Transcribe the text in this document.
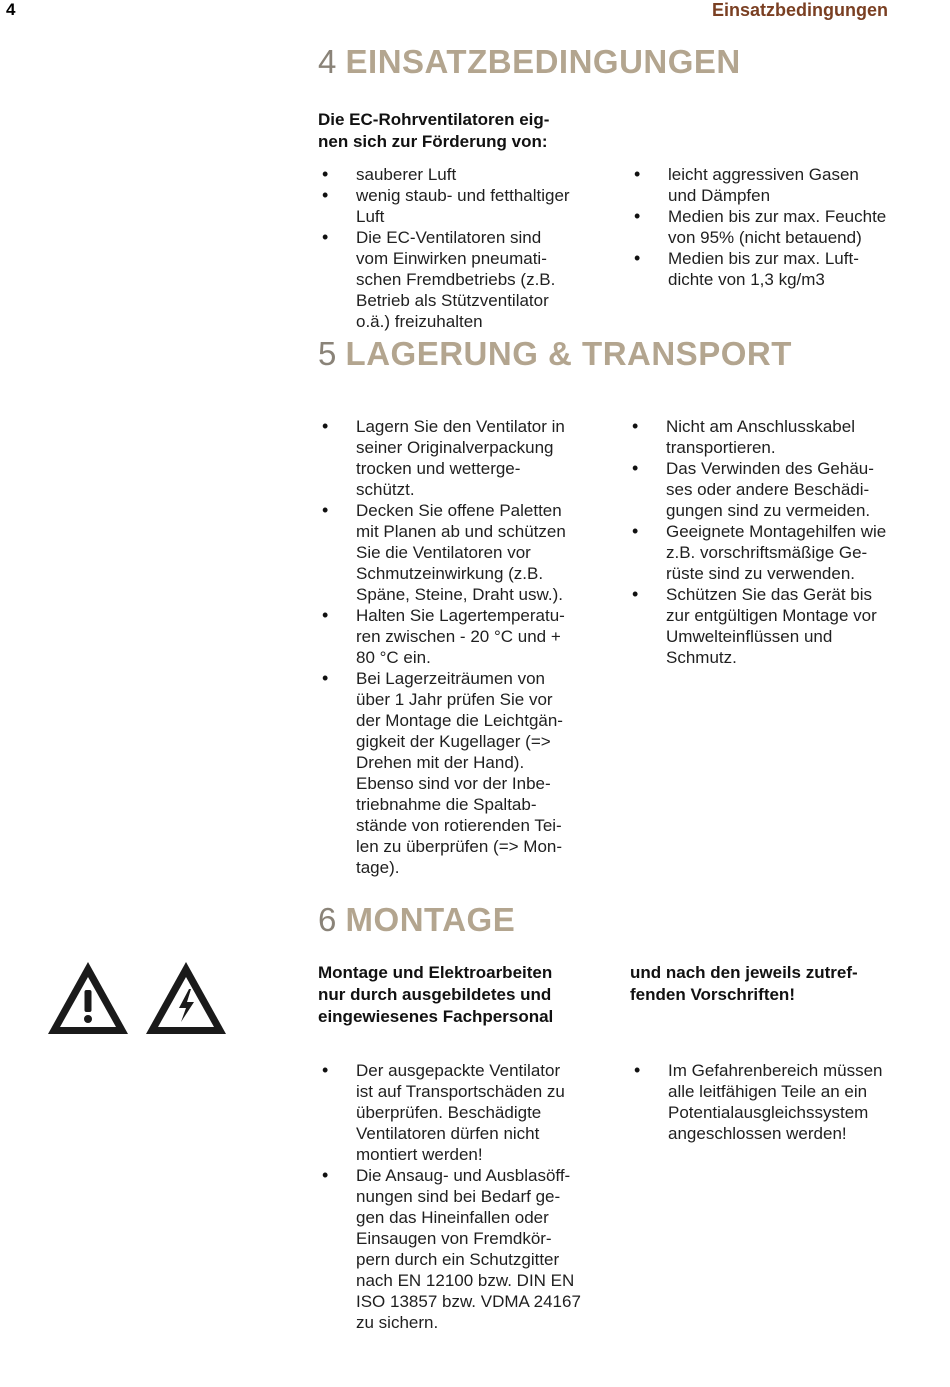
4	Einsatzbedingungen
4 EINSATZBEDINGUNGEN
Die EC-Rohrventilatoren eig-
nen sich zur Förderung von:
• sauberer Luft
• wenig staub- und fetthaltiger
Luft
• Die EC-Ventilatoren sind
vom Einwirken pneumati-
schen Fremdbetriebs (z.B.
Betrieb als Stützventilator
o.ä.) freizuhalten
• leicht aggressiven Gasen
und Dämpfen
• Medien bis zur max. Feuchte
von 95% (nicht betauend)
• Medien bis zur max. Luft-
dichte von 1,3 kg/m3
5 LAGERUNG & TRANSPORT
• Lagern Sie den Ventilator in
seiner Originalverpackung
trocken und wetterge-
schützt.
• Decken Sie offene Paletten
mit Planen ab und schützen
Sie die Ventilatoren vor
Schmutzeinwirkung (z.B.
Späne, Steine, Draht usw.).
• Halten Sie Lagertemperatu-
ren zwischen - 20 °C und +
80 °C ein.
• Bei Lagerzeiträumen von
über 1 Jahr prüfen Sie vor
der Montage die Leichtgän-
gigkeit der Kugellager (=>
Drehen mit der Hand).
Ebenso sind vor der Inbe-
triebnahme die Spaltab-
stände von rotierenden Tei-
len zu überprüfen (=> Mon-
tage).
• Nicht am Anschlusskabel
transportieren.
• Das Verwinden des Gehäu-
ses oder andere Beschädi-
gungen sind zu vermeiden.
• Geeignete Montagehilfen wie
z.B. vorschriftsmäßige Ge-
rüste sind zu verwenden.
• Schützen Sie das Gerät bis
zur entgültigen Montage vor
Umwelteinflüssen und
Schmutz.
6 MONTAGE
Montage und Elektroarbeiten
nur durch ausgebildetes und
eingewiesenes Fachpersonal
und nach den jeweils zutref-
fenden Vorschriften!
• Der ausgepackte Ventilator
ist auf Transportschäden zu
überprüfen. Beschädigte
Ventilatoren dürfen nicht
montiert werden!
• Die Ansaug- und Ausblasöff-
nungen sind bei Bedarf ge-
gen das Hineinfallen oder
Einsaugen von Fremdkör-
pern durch ein Schutzgitter
nach EN 12100 bzw. DIN EN
ISO 13857 bzw. VDMA 24167
zu sichern.
• Im Gefahrenbereich müssen
alle leitfähigen Teile an ein
Potentialausgleichssystem
angeschlossen werden!
